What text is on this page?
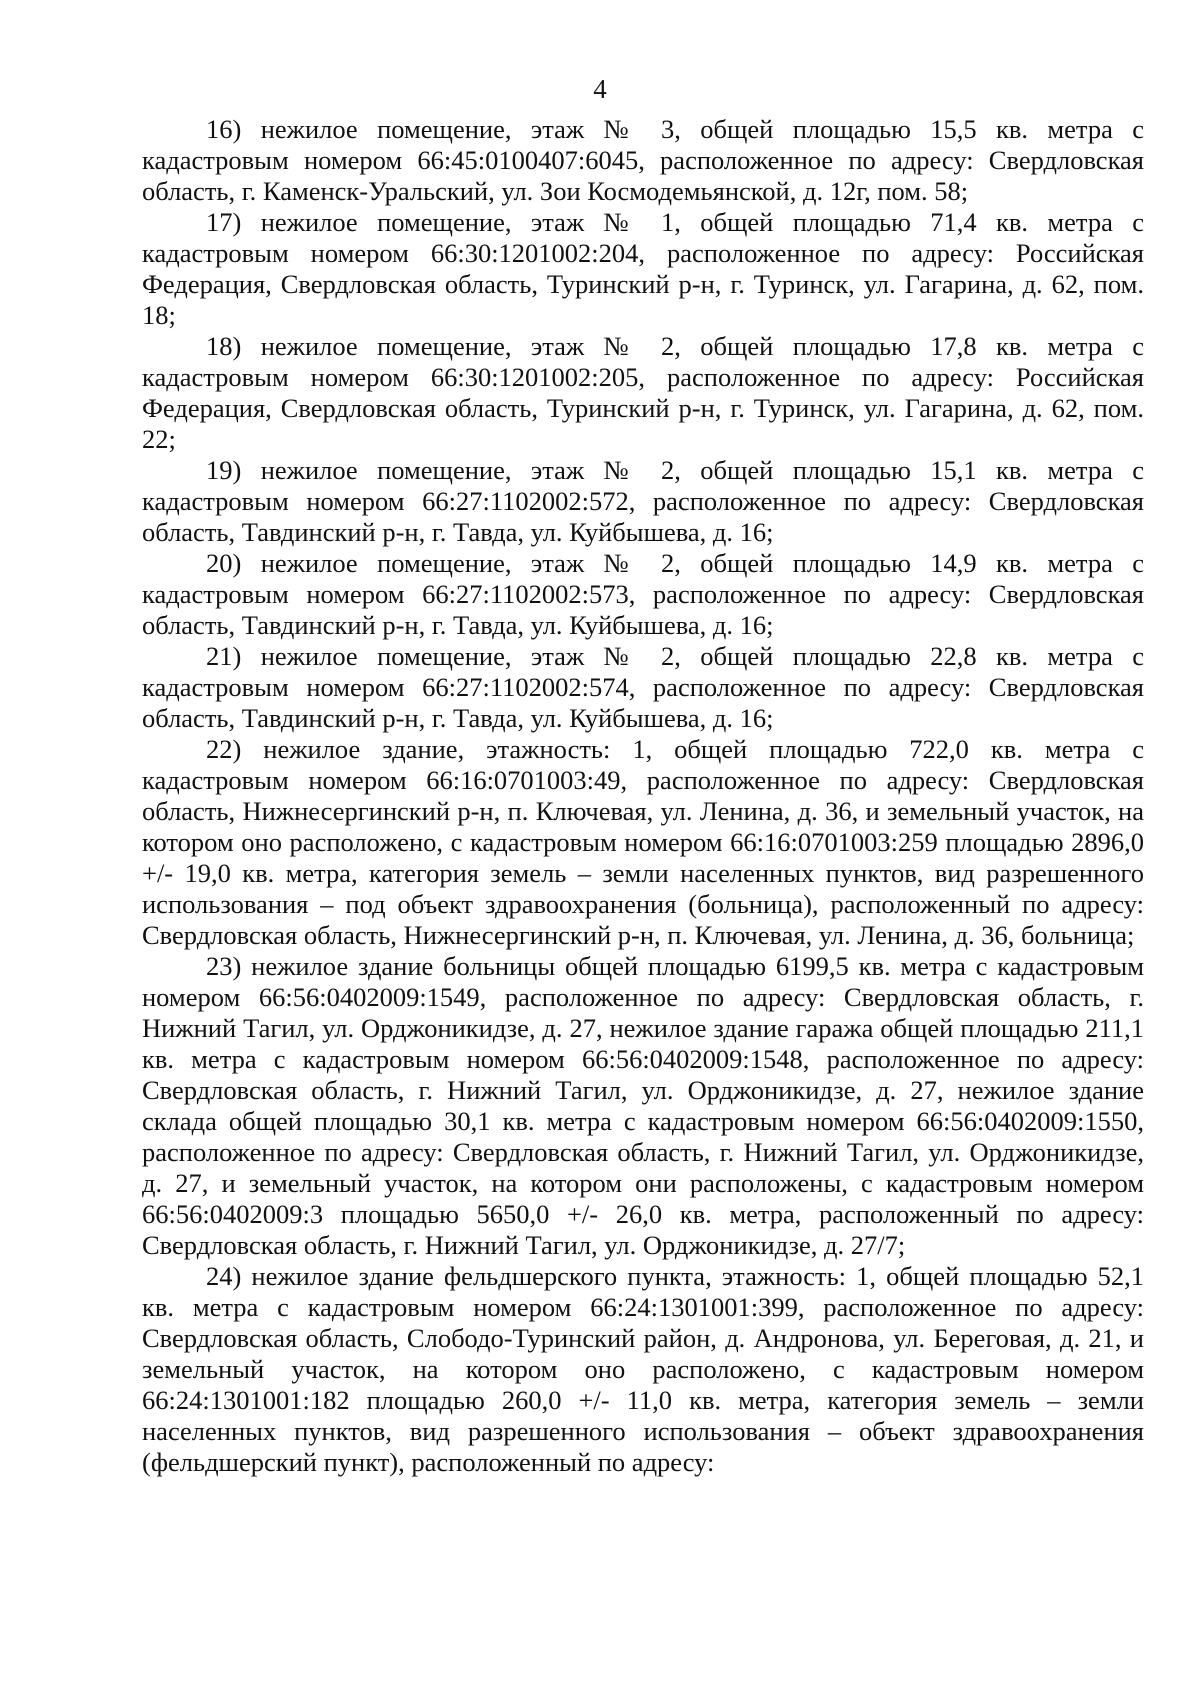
4

16) нежилое помещение, этаж № 3, общей площадью 15,5 кв. метра с кадастровым номером 66:45:0100407:6045, расположенное по адресу: Свердловская область, г. Каменск-Уральский, ул. Зои Космодемьянской, д. 12г, пом. 58;

17) нежилое помещение, этаж № 1, общей площадью 71,4 кв. метра с кадастровым номером 66:30:1201002:204, расположенное по адресу: Российская Федерация, Свердловская область, Туринский р-н, г. Туринск, ул. Гагарина, д. 62, пом. 18;

18) нежилое помещение, этаж № 2, общей площадью 17,8 кв. метра с кадастровым номером 66:30:1201002:205, расположенное по адресу: Российская Федерация, Свердловская область, Туринский р-н, г. Туринск, ул. Гагарина, д. 62, пом. 22;

19) нежилое помещение, этаж № 2, общей площадью 15,1 кв. метра с кадастровым номером 66:27:1102002:572, расположенное по адресу: Свердловская область, Тавдинский р-н, г. Тавда, ул. Куйбышева, д. 16;

20) нежилое помещение, этаж № 2, общей площадью 14,9 кв. метра с кадастровым номером 66:27:1102002:573, расположенное по адресу: Свердловская область, Тавдинский р-н, г. Тавда, ул. Куйбышева, д. 16;

21) нежилое помещение, этаж № 2, общей площадью 22,8 кв. метра с кадастровым номером 66:27:1102002:574, расположенное по адресу: Свердловская область, Тавдинский р-н, г. Тавда, ул. Куйбышева, д. 16;

22) нежилое здание, этажность: 1, общей площадью 722,0 кв. метра с кадастровым номером 66:16:0701003:49, расположенное по адресу: Свердловская область, Нижнесергинский р-н, п. Ключевая, ул. Ленина, д. 36, и земельный участок, на котором оно расположено, с кадастровым номером 66:16:0701003:259 площадью 2896,0 +/- 19,0 кв. метра, категория земель – земли населенных пунктов, вид разрешенного использования – под объект здравоохранения (больница), расположенный по адресу: Свердловская область, Нижнесергинский р-н, п. Ключевая, ул. Ленина, д. 36, больница;

23) нежилое здание больницы общей площадью 6199,5 кв. метра с кадастровым номером 66:56:0402009:1549, расположенное по адресу: Свердловская область, г. Нижний Тагил, ул. Орджоникидзе, д. 27, нежилое здание гаража общей площадью 211,1 кв. метра с кадастровым номером 66:56:0402009:1548, расположенное по адресу: Свердловская область, г. Нижний Тагил, ул. Орджоникидзе, д. 27, нежилое здание склада общей площадью 30,1 кв. метра с кадастровым номером 66:56:0402009:1550, расположенное по адресу: Свердловская область, г. Нижний Тагил, ул. Орджоникидзе, д. 27, и земельный участок, на котором они расположены, с кадастровым номером 66:56:0402009:3 площадью 5650,0 +/- 26,0 кв. метра, расположенный по адресу: Свердловская область, г. Нижний Тагил, ул. Орджоникидзе, д. 27/7;

24) нежилое здание фельдшерского пункта, этажность: 1, общей площадью 52,1 кв. метра с кадастровым номером 66:24:1301001:399, расположенное по адресу: Свердловская область, Слободо-Туринский район, д. Андронова, ул. Береговая, д. 21, и земельный участок, на котором оно расположено, с кадастровым номером 66:24:1301001:182 площадью 260,0 +/- 11,0 кв. метра, категория земель – земли населенных пунктов, вид разрешенного использования – объект здравоохранения (фельдшерский пункт), расположенный по адресу:
